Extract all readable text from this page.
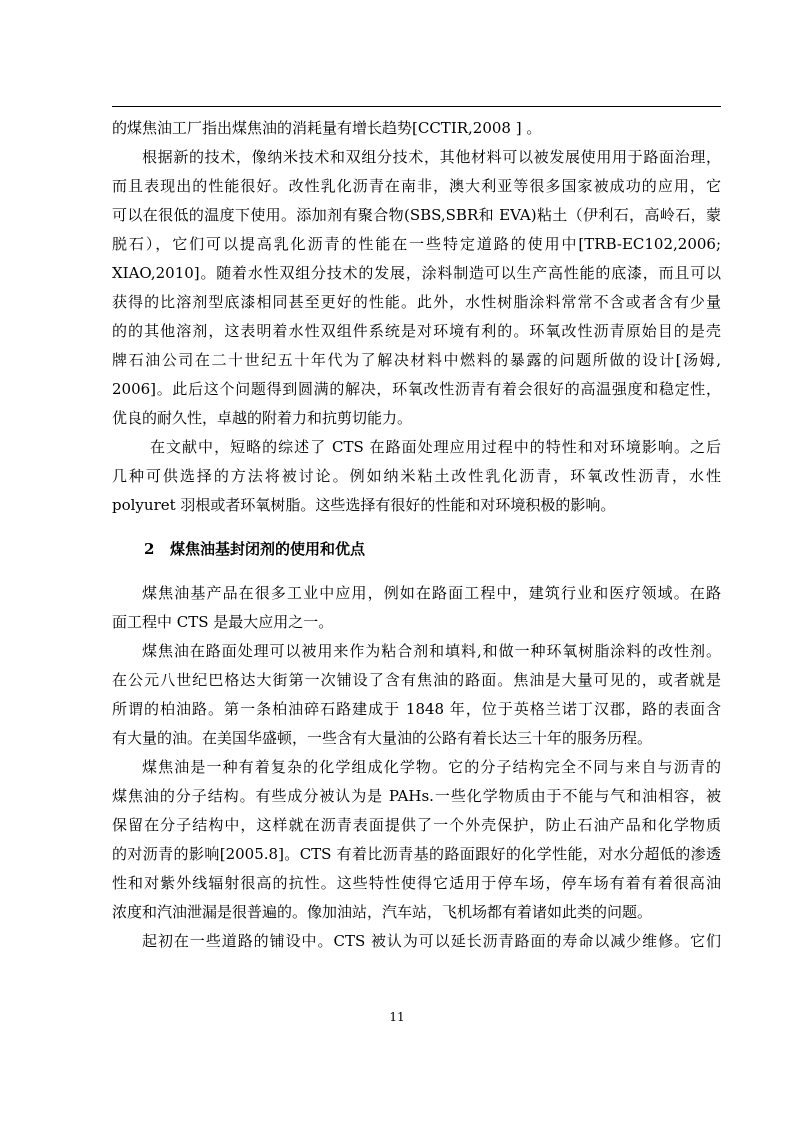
的煤焦油工厂指出煤焦油的消耗量有增长趋势[CCTIR,2008 ] 。
根据新的技术，像纳米技术和双组分技术，其他材料可以被发展使用用于路面治理，
而且表现出的性能很好。改性乳化沥青在南非，澳大利亚等很多国家被成功的应用，它
可以在很低的温度下使用。添加剂有聚合物(SBS,SBR和 EVA)粘土（伊利石，高岭石，蒙
脱石），它们可以提高乳化沥青的性能在一些特定道路的使用中[TRB-EC102,2006;
XIAO,2010]。随着水性双组分技术的发展，涂料制造可以生产高性能的底漆，而且可以
获得的比溶剂型底漆相同甚至更好的性能。此外，水性树脂涂料常常不含或者含有少量
的的其他溶剂，这表明着水性双组件系统是对环境有利的。环氧改性沥青原始目的是壳
牌石油公司在二十世纪五十年代为了解决材料中燃料的暴露的问题所做的设计[汤姆,
2006]。此后这个问题得到圆满的解决，环氧改性沥青有着会很好的高温强度和稳定性，
优良的耐久性，卓越的附着力和抗剪切能力。
在文献中，短略的综述了 CTS 在路面处理应用过程中的特性和对环境影响。之后
几种可供选择的方法将被讨论。例如纳米粘土改性乳化沥青，环氧改性沥青，水性
polyuret 羽根或者环氧树脂。这些选择有很好的性能和对环境积极的影响。
2 煤焦油基封闭剂的使用和优点
煤焦油基产品在很多工业中应用，例如在路面工程中，建筑行业和医疗领域。在路
面工程中 CTS 是最大应用之一。
煤焦油在路面处理可以被用来作为粘合剂和填料,和做一种环氧树脂涂料的改性剂。
在公元八世纪巴格达大街第一次铺设了含有焦油的路面。焦油是大量可见的，或者就是
所谓的柏油路。第一条柏油碎石路建成于 1848 年，位于英格兰诺丁汉郡，路的表面含
有大量的油。在美国华盛顿，一些含有大量油的公路有着长达三十年的服务历程。
煤焦油是一种有着复杂的化学组成化学物。它的分子结构完全不同与来自与沥青的
煤焦油的分子结构。有些成分被认为是 PAHs.一些化学物质由于不能与气和油相容，被
保留在分子结构中，这样就在沥青表面提供了一个外壳保护，防止石油产品和化学物质
的对沥青的影响[2005.8]。CTS 有着比沥青基的路面跟好的化学性能，对水分超低的渗透
性和对紫外线辐射很高的抗性。这些特性使得它适用于停车场，停车场有着有着很高油
浓度和汽油泄漏是很普遍的。像加油站，汽车站，飞机场都有着诸如此类的问题。
起初在一些道路的铺设中。CTS 被认为可以延长沥青路面的寿命以减少维修。它们
11
